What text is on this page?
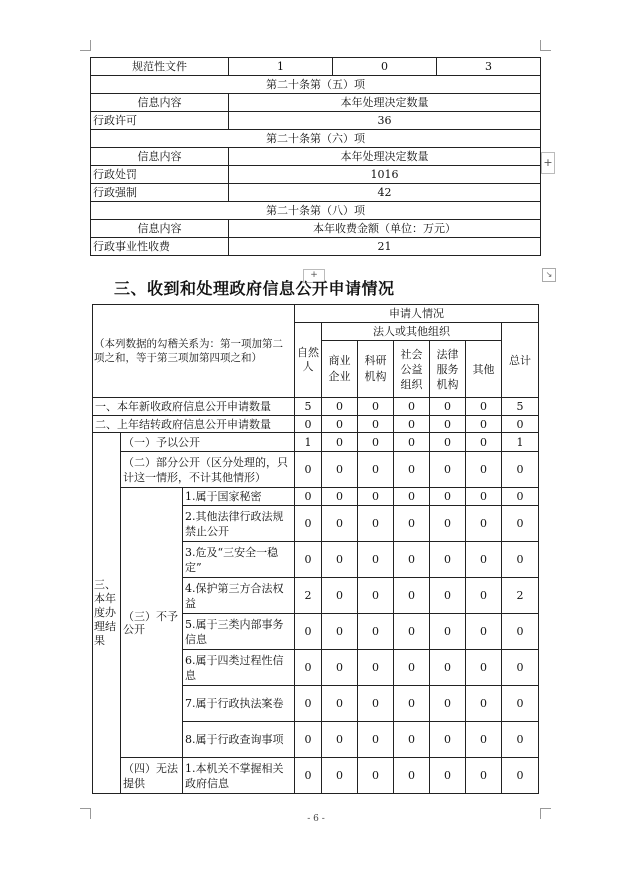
规范性文件	1	0	3
第二十条第（五）项			
信息内容	本年处理决定数量		
行政许可	36		
第二十条第（六）项			
信息内容	本年处理决定数量		
行政处罚	1016		
行政强制	42		
第二十条第（八）项			
信息内容	本年收费金额（单位：万元）		
行政事业性收费	21		
+
+	↘
三、收到和处理政府信息公开申请情况
（本列数据的勾稽关系为：第一项加第二项之和，等于第三项加第四项之和）			申请人情况						
			自然人	法人或其他组织					总计
				商业企业	科研机构	社会公益组织	法律服务机构	其他	
一、本年新收政府信息公开申请数量			5	0	0	0	0	0	5
二、上年结转政府信息公开申请数量			0	0	0	0	0	0	0
三、本年度办理结果	（一）予以公开		1	0	0	0	0	0	1
	（二）部分公开（区分处理的，只计这一情形，不计其他情形）		0	0	0	0	0	0	0
	（三）不予公开	1.属于国家秘密	0	0	0	0	0	0	0
		2.其他法律行政法规禁止公开	0	0	0	0	0	0	0
		3.危及“三安全一稳定”	0	0	0	0	0	0	0
		4.保护第三方合法权益	2	0	0	0	0	0	2
		5.属于三类内部事务信息	0	0	0	0	0	0	0
		6.属于四类过程性信息	0	0	0	0	0	0	0
		7.属于行政执法案卷	0	0	0	0	0	0	0
		8.属于行政查询事项	0	0	0	0	0	0	0
	（四）无法提供	1.本机关不掌握相关政府信息	0	0	0	0	0	0	0
- 6 -
